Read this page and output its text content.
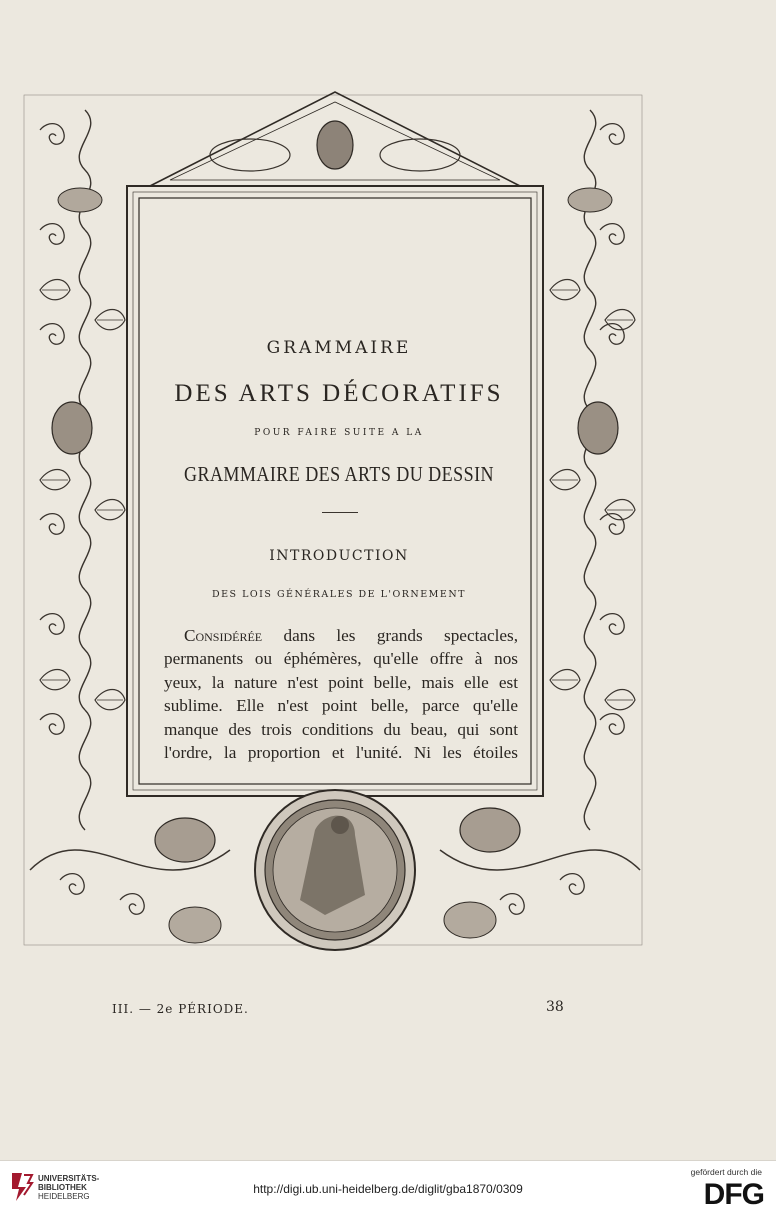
GRAMMAIRE
DES ARTS DÉCORATIFS
POUR FAIRE SUITE A LA
GRAMMAIRE DES ARTS DU DESSIN
INTRODUCTION
DES LOIS GÉNÉRALES DE L'ORNEMENT
Considérée dans les grands spectacles,
permanents ou éphémères, qu'elle offre à nos
yeux, la nature n'est point belle, mais elle est
sublime. Elle n'est point belle, parce qu'elle
manque des trois conditions du beau, qui sont
l'ordre, la proportion et l'unité. Ni les étoiles
III. — 2e PÉRIODE.	38
UNIVERSITÄTS-
BIBLIOTHEK
HEIDELBERG
http://digi.ub.uni-heidelberg.de/diglit/gba1870/0309
gefördert durch die
DFG
